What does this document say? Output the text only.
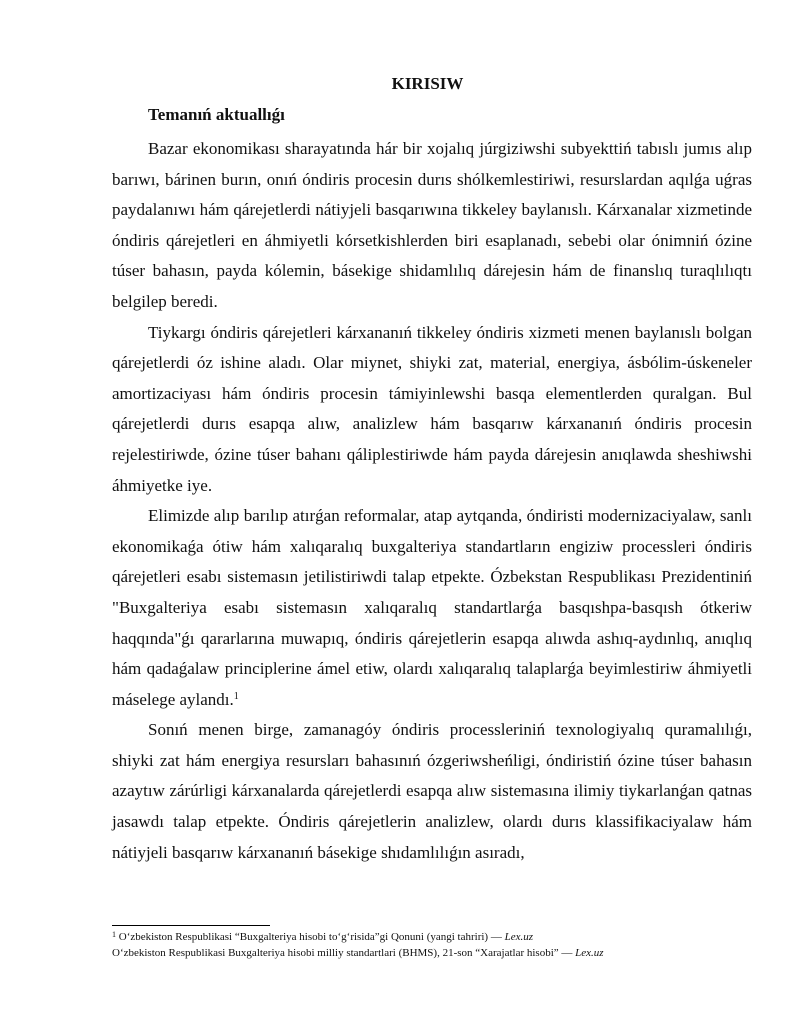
KIRISIW
Temanıń aktuallıǵı

Bazar ekonomikası sharayatında hár bir xojalıq júrgiziwshi subyekttiń tabıslı jumıs alıp barıwı, bárinen burın, onıń óndiris procesin durıs shólkemlestiriwi, resurslardan aqılǵa uǵras paydalanıwı hám qárejetlerdi nátiyjeli basqarıwına tikkeley baylanıslı. Kárxanalar xizmetinde óndiris qárejetleri en áhmiyetli kórsetkishlerden biri esaplanadı, sebebi olar ónimniń ózine túser bahasın, payda kólemin, básekige shidamlılıq dárejesin hám de finanslıq turaqlılıqtı belgilep beredi.

Tiykargı óndiris qárejetleri kárxananıń tikkeley óndiris xizmeti menen baylanıslı bolgan qárejetlerdi óz ishine aladı. Olar miynet, shiyki zat, material, energiya, ásbólim-úskeneler amortizaciyası hám óndiris procesin támiyinlewshi basqa elementlerden quralgan. Bul qárejetlerdi durıs esapqa alıw, analizlew hám basqarıw kárxananıń óndiris procesin rejelestiriwde, ózine túser bahanı qáliplestiriwde hám payda dárejesin anıqlawda sheshiwshi áhmiyetke iye.

Elimizde alıp barılıp atırǵan reformalar, atap aytqanda, óndiristi modernizaciyalaw, sanlı ekonomikaǵa ótiw hám xalıqaralıq buxgalteriya standartların engiziw processleri óndiris qárejetleri esabı sistemasın jetilistiriwdi talap etpekte. Ózbekstan Respublikası Prezidentiniń "Buxgalteriya esabı sistemasın xalıqaralıq standartlarǵa basqıshpa-basqısh ótkeriw haqqında"ǵı qararlarına muwapıq, óndiris qárejetlerin esapqa alıwda ashıq-aydınlıq, anıqlıq hám qadaǵalaw principlerine ámel etiw, olardı xalıqaralıq talaplarǵa beyimlestiriw áhmiyetli máselege aylandı.$^1$

Sonıń menen birge, zamanagóy óndiris processleriniń texnologiyalıq quramalılıǵı, shiyki zat hám energiya resursları bahasınıń ózgeriwsheńligi, óndiristiń ózine túser bahasın azaytıw zárúrligi kárxanalarda qárejetlerdi esapqa alıw sistemasına ilimiy tiykarlanǵan qatnas jasawdı talap etpekte. Óndiris qárejetlerin analizlew, olardı durıs klassifikaciyalaw hám nátiyjeli basqarıw kárxananıń básekige shıdamlılıǵın asıradı,

$^1$ O‘zbekiston Respublikasi “Buxgalteriya hisobi to‘g‘risida”gi Qonuni (yangi tahriri) — Lex.uz

O‘zbekiston Respublikasi Buxgalteriya hisobi milliy standartlari (BHMS), 21-son “Xarajatlar hisobi” — Lex.uz
